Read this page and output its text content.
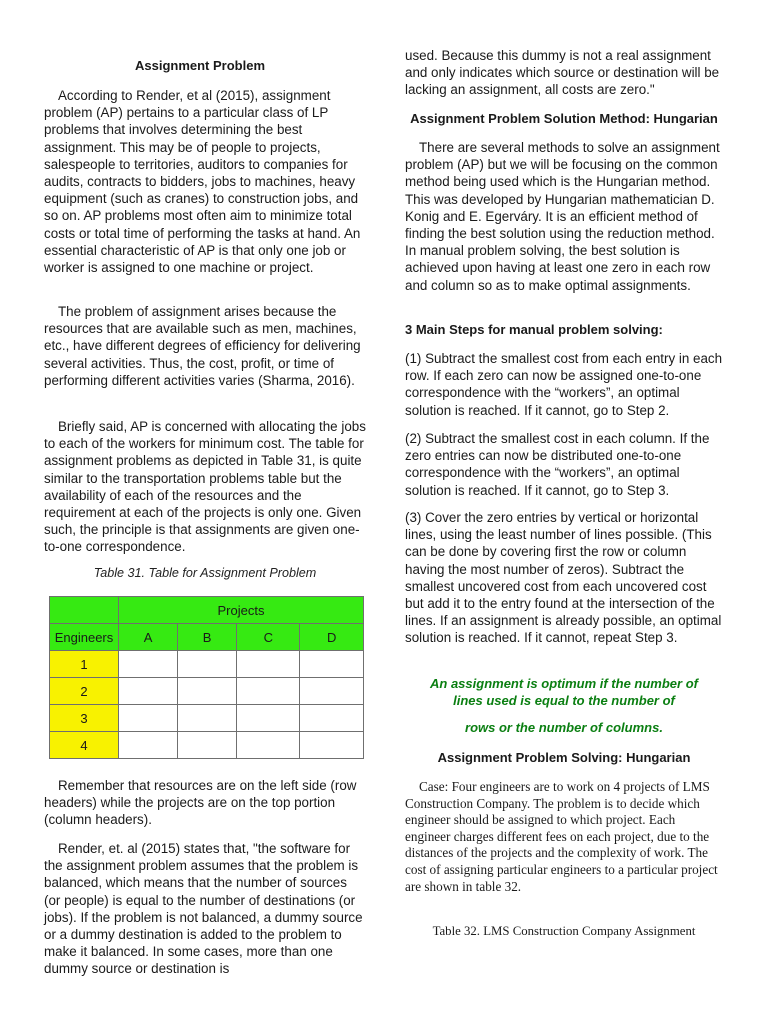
Assignment Problem

According to Render, et al (2015), assignment problem (AP) pertains to a particular class of LP problems that involves determining the best assignment. This may be of people to projects, salespeople to territories, auditors to companies for audits, contracts to bidders, jobs to machines, heavy equipment (such as cranes) to construction jobs, and so on. AP problems most often aim to minimize total costs or total time of performing the tasks at hand. An essential characteristic of AP is that only one job or worker is assigned to one machine or project.

The problem of assignment arises because the resources that are available such as men, machines, etc., have different degrees of efficiency for delivering several activities. Thus, the cost, profit, or time of performing different activities varies (Sharma, 2016).

Briefly said, AP is concerned with allocating the jobs to each of the workers for minimum cost. The table for assignment problems as depicted in Table 31, is quite similar to the transportation problems table but the availability of each of the resources and the requirement at each of the projects is only one. Given such, the principle is that assignments are given one-to-one correspondence.

Table 31. Table for Assignment Problem
	Projects			
Engineers	A	B	C	D
1				
2				
3				
4				

Remember that resources are on the left side (row headers) while the projects are on the top portion (column headers).

Render, et. al (2015) states that, "the software for the assignment problem assumes that the problem is balanced, which means that the number of sources (or people) is equal to the number of destinations (or jobs). If the problem is not balanced, a dummy source or a dummy destination is added to the problem to make it balanced. In some cases, more than one dummy source or destination is

used. Because this dummy is not a real assignment and only indicates which source or destination will be lacking an assignment, all costs are zero."

Assignment Problem Solution Method: Hungarian

There are several methods to solve an assignment problem (AP) but we will be focusing on the common method being used which is the Hungarian method. This was developed by Hungarian mathematician D. Konig and E. Egerváry. It is an efficient method of finding the best solution using the reduction method. In manual problem solving, the best solution is achieved upon having at least one zero in each row and column so as to make optimal assignments.

3 Main Steps for manual problem solving:

(1) Subtract the smallest cost from each entry in each row. If each zero can now be assigned one-to-one correspondence with the “workers”, an optimal solution is reached. If it cannot, go to Step 2.

(2) Subtract the smallest cost in each column. If the zero entries can now be distributed one-to-one correspondence with the “workers”, an optimal solution is reached. If it cannot, go to Step 3.

(3) Cover the zero entries by vertical or horizontal lines, using the least number of lines possible. (This can be done by covering first the row or column having the most number of zeros). Subtract the smallest uncovered cost from each uncovered cost but add it to the entry found at the intersection of the lines. If an assignment is already possible, an optimal solution is reached. If it cannot, repeat Step 3.

An assignment is optimum if the number of lines used is equal to the number of
rows or the number of columns.
Assignment Problem Solving: Hungarian

Case: Four engineers are to work on 4 projects of LMS Construction Company. The problem is to decide which engineer should be assigned to which project. Each engineer charges different fees on each project, due to the distances of the projects and the complexity of work. The cost of assigning particular engineers to a particular project are shown in table 32.

Table 32. LMS Construction Company Assignment
